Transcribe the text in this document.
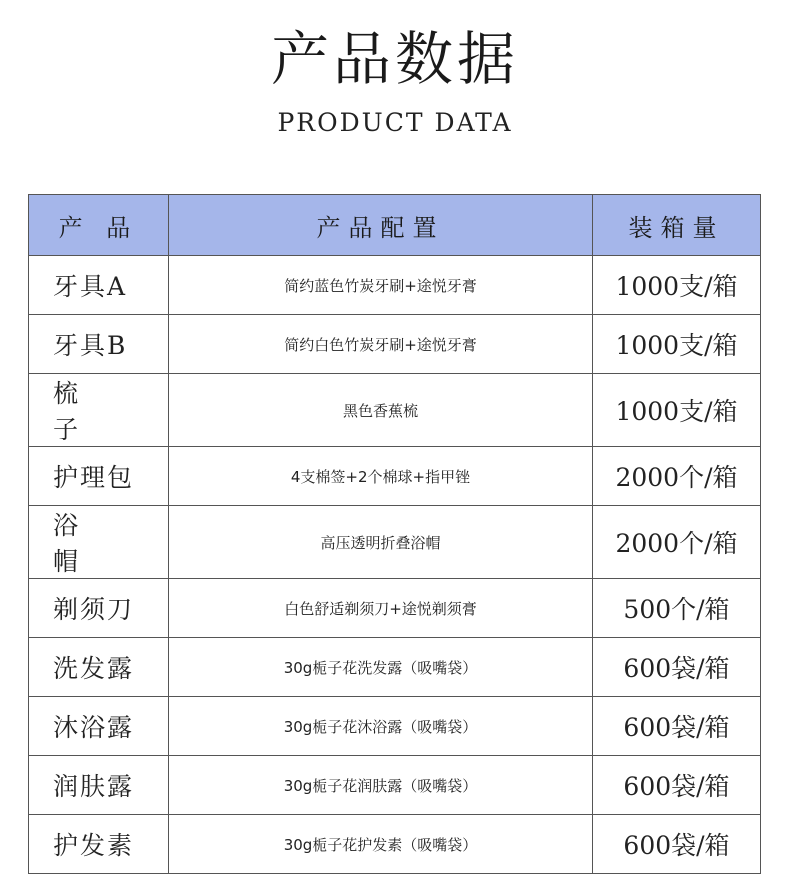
产品数据
PRODUCT DATA
产 品	产品配置	装箱量
牙具A	简约蓝色竹炭牙刷+途悦牙膏	1000支/箱
牙具B	简约白色竹炭牙刷+途悦牙膏	1000支/箱
梳子	黑色香蕉梳	1000支/箱
护理包	4支棉签+2个棉球+指甲锉	2000个/箱
浴帽	高压透明折叠浴帽	2000个/箱
剃须刀	白色舒适剃须刀+途悦剃须膏	500个/箱
洗发露	30g栀子花洗发露（吸嘴袋）	600袋/箱
沐浴露	30g栀子花沐浴露（吸嘴袋）	600袋/箱
润肤露	30g栀子花润肤露（吸嘴袋）	600袋/箱
护发素	30g栀子花护发素（吸嘴袋）	600袋/箱
